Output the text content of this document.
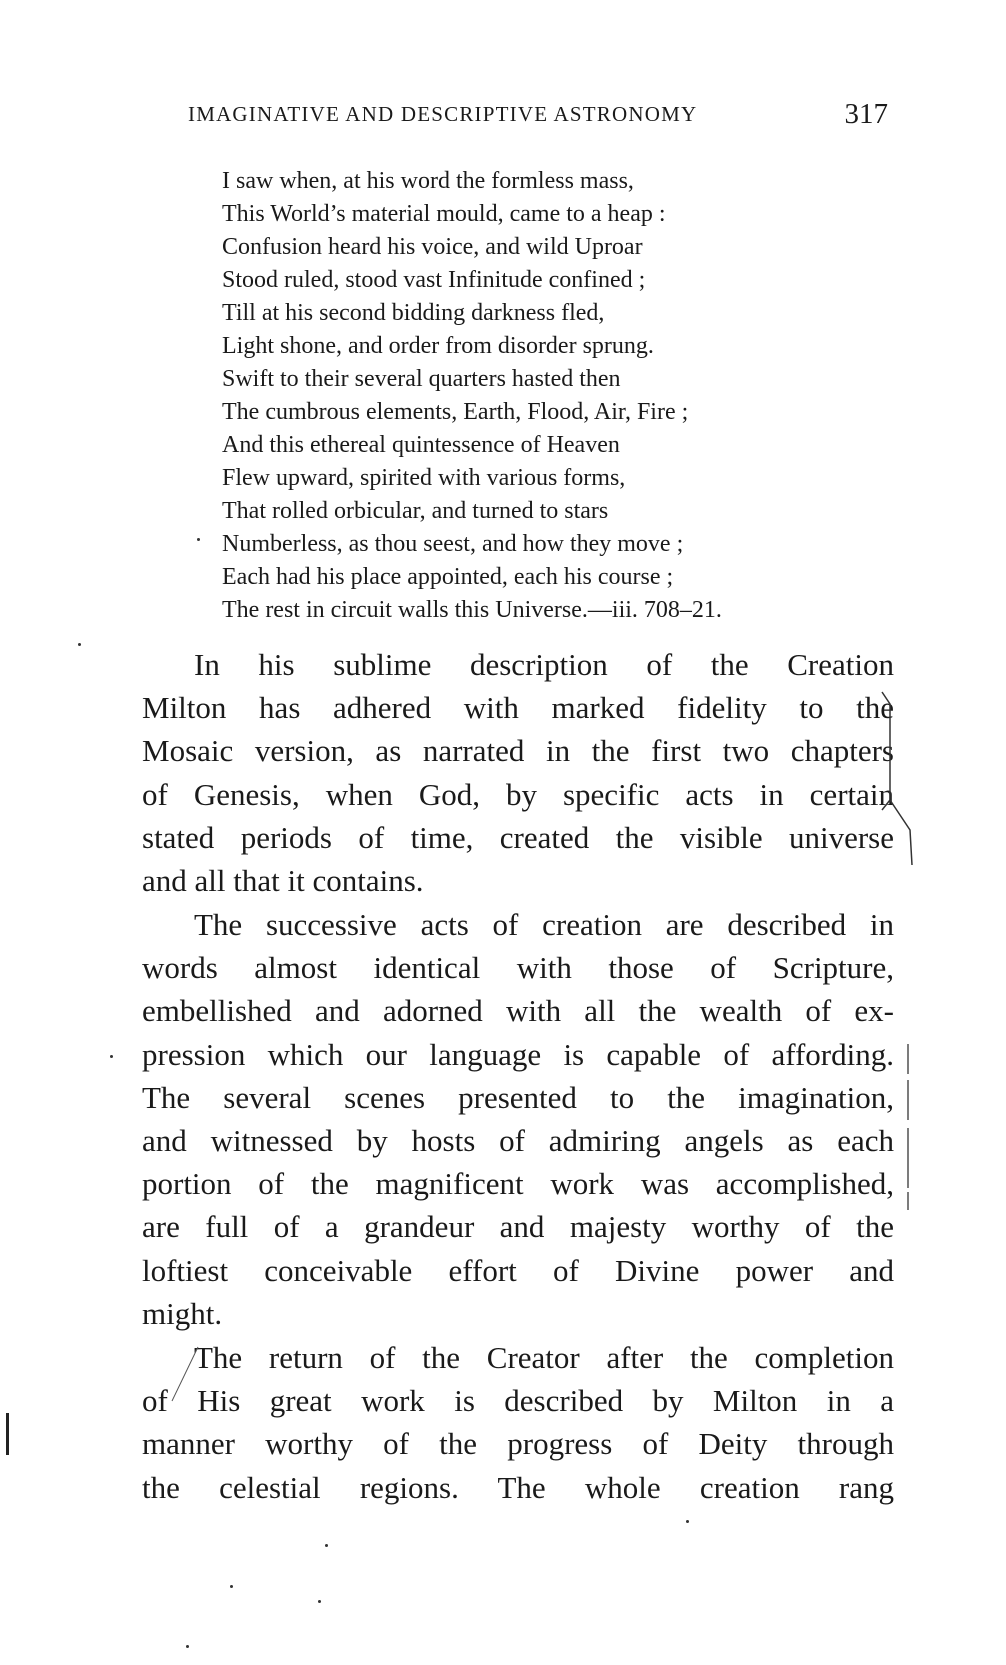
IMAGINATIVE AND DESCRIPTIVE ASTRONOMY	317
I saw when, at his word the formless mass,
This World’s material mould, came to a heap :
Confusion heard his voice, and wild Uproar
Stood ruled, stood vast Infinitude confined ;
Till at his second bidding darkness fled,
Light shone, and order from disorder sprung.
Swift to their several quarters hasted then
The cumbrous elements, Earth, Flood, Air, Fire ;
And this ethereal quintessence of Heaven
Flew upward, spirited with various forms,
That rolled orbicular, and turned to stars
Numberless, as thou seest, and how they move ;
Each had his place appointed, each his course ;
The rest in circuit walls this Universe.—iii. 708–21.
In his sublime description of the Creation
Milton has adhered with marked fidelity to the
Mosaic version, as narrated in the first two chapters
of Genesis, when God, by specific acts in certain
stated periods of time, created the visible universe
and all that it contains.
The successive acts of creation are described in
words almost identical with those of Scripture,
embellished and adorned with all the wealth of ex-
pression which our language is capable of affording.
The several scenes presented to the imagination,
and witnessed by hosts of admiring angels as each
portion of the magnificent work was accomplished,
are full of a grandeur and majesty worthy of the
loftiest conceivable effort of Divine power and
might.
The return of the Creator after the completion
of His great work is described by Milton in a
manner worthy of the progress of Deity through
the celestial regions. The whole creation rang
